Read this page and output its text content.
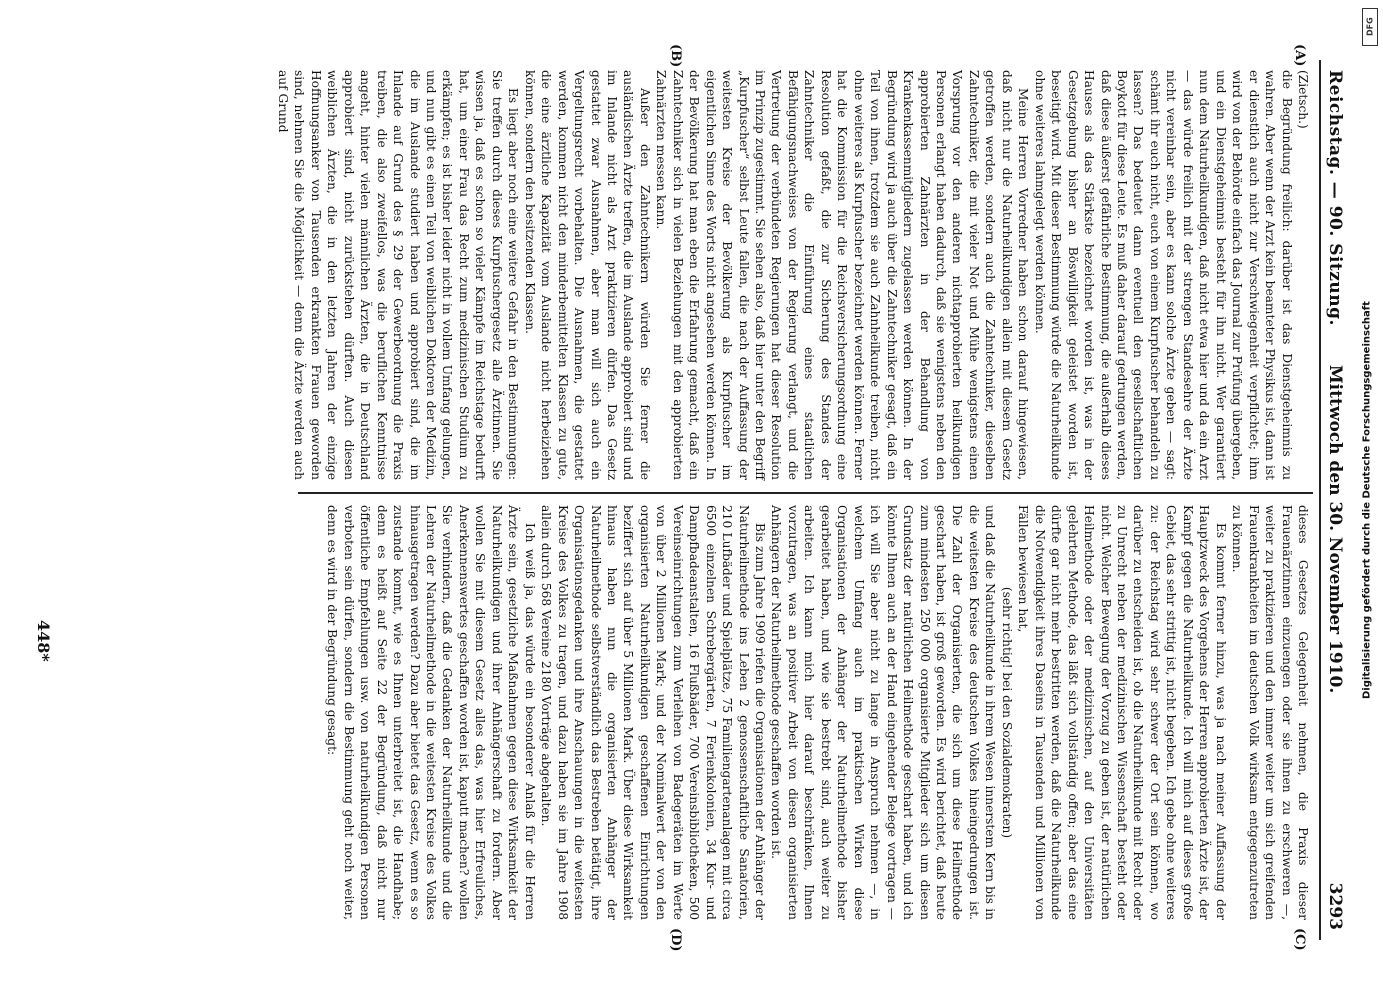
Reichstag. — 90. Sitzung.
Mittwoch den 30. November 1910.                                3293
(A)
(B)
(C)
(D)

(Zietsch.)

die Begründung freilich: darüber ist das Dienstgeheimnis zu wahren. Aber wenn der Arzt kein beamteter Physikus ist, dann ist er dienstlich auch nicht zur Verschwiegenheit verpflichtet; ihm wird von der Behörde einfach das Journal zur Prüfung übergeben, und ein Dienstgeheimnis besteht für ihn nicht. Wer garantiert nun dem Naturheilkundigen, daß nicht etwa hier und da ein Arzt — das würde freilich mit der strengen Standesehre der Ärzte nicht vereinbar sein, aber es kann solche Ärzte geben — sagt: schämt ihr euch nicht, euch von einem Kurpfuscher behandeln zu lassen? Das bedeutet dann eventuell den gesellschaftlichen Boykott für diese Leute. Es muß daher darauf gedrungen werden, daß diese äußerst gefährliche Bestimmung, die außerhalb dieses Hauses als das Stärkste bezeichnet worden ist, was in der Gesetzgebung bisher an Böswilligkeit geleistet worden ist, beseitigt wird. Mit dieser Bestimmung würde die Naturheilkunde ohne weiteres lahmgelegt werden können.

Meine Herren Vorredner haben schon darauf hingewiesen, daß nicht nur die Naturheilkundigen allein mit diesem Gesetz getroffen werden, sondern auch die Zahntechniker, dieselben Zahntechniker, die mit vieler Not und Mühe wenigstens einen Vorsprung vor den anderen nichtapprobierten heilkundigen Personen erlangt haben dadurch, daß sie wenigstens neben den approbierten Zahnärzten in der Behandlung von Krankenkassenmitgliedern zugelassen werden können. In der Begründung wird ja auch über die Zahntechniker gesagt, daß ein Teil von ihnen, trotzdem sie auch Zahnheilkunde treiben, nicht ohne weiteres als Kurpfuscher bezeichnet werden können. Ferner hat die Kommission für die Reichsversicherungsordnung eine Resolution gefaßt, die zur Sicherung des Standes der Zahntechniker die Einführung eines staatlichen Befähigungsnachweises von der Regierung verlangt, und die Vertretung der verbündeten Regierungen hat dieser Resolution im Prinzip zugestimmt. Sie sehen also, daß hier unter den Begriff „Kurpfuscher“ selbst Leute fallen, die nach der Auffassung der weitesten Kreise der Bevölkerung als Kurpfuscher im eigentlichen Sinne des Worts nicht angesehen werden können. In der Bevölkerung hat man eben die Erfahrung gemacht, daß ein Zahntechniker sich in vielen Beziehungen mit den approbierten Zahnärzten messen kann.

Außer den Zahntechnikern würden Sie ferner die ausländischen Ärzte treffen, die im Auslande approbiert sind und im Inlande nicht als Arzt praktizieren dürfen. Das Gesetz gestattet zwar Ausnahmen, aber man will sich auch ein Vergeltungsrecht vorbehalten. Die Ausnahmen, die gestattet werden, kommen nicht den minderbemittelten Klassen zu gute, die eine ärztliche Kapazität vom Auslande nicht herbeiziehen können, sondern den besitzenden Klassen.

Es liegt aber noch eine weitere Gefahr in den Bestimmungen: Sie treffen durch dieses Kurpfuschergesetz alle Ärztinnen. Sie wissen ja, daß es schon so vieler Kämpfe im Reichstage bedurft hat, um einer Frau das Recht zum medizinischen Studium zu erkämpfen; es ist bisher leider nicht in vollem Umfang gelungen, und nun gibt es einen Teil von weiblichen Doktoren der Medizin, die im Auslande studiert haben und approbiert sind, die im Inlande auf Grund des § 29 der Gewerbeordnung die Praxis treiben, die also zweifellos, was die beruflichen Kenntnisse angeht, hinter vielen männlichen Ärzten, die in Deutschland approbiert sind, nicht zurückstehen dürften. Auch diesen weiblichen Ärzten, die in den letzten Jahren der einzige Hoffnungsanker von Tausenden erkrankten Frauen geworden sind, nehmen Sie die Möglichkeit — denn die Ärzte werden auch auf Grund

dieses Gesetzes Gelegenheit nehmen, die Praxis dieser Frauenärztinnen einzuengen oder sie ihnen zu erschweren —, weiter zu praktizieren und den immer weiter um sich greifenden Frauenkrankheiten im deutschen Volk wirksam entgegenzutreten zu können.

Es kommt ferner hinzu, was ja nach meiner Auffassung der Hauptzweck des Vorgehens der Herren approbierten Ärzte ist, der Kampf gegen die Naturheilkunde. Ich will mich auf dieses große Gebiet, das sehr strittig ist, nicht begeben. Ich gebe ohne weiteres zu: der Reichstag wird sehr schwer der Ort sein können, wo darüber zu entscheiden ist, ob die Naturheilkunde mit Recht oder zu Unrecht neben der medizinischen Wissenschaft besteht oder nicht. Welcher Bewegung der Vorzug zu geben ist, der natürlichen Heilmethode oder der medizinischen, auf den Universitäten gelehrten Methode, das läßt sich vollständig offen; aber das eine dürfte gar nicht mehr bestritten werden, daß die Naturheilkunde die Notwendigkeit ihres Daseins in Tausenden und Millionen von Fällen bewiesen hat,

(sehr richtig! bei den Sozialdemokraten)

und daß die Naturheilkunde in ihrem Wesen innerstem Kern bis in die weitesten Kreise des deutschen Volkes hineingedrungen ist. Die Zahl der Organisierten, die sich um diese Heilmethode geschart haben, ist groß geworden. Es wird berichtet, daß heute zum mindesten 250 000 organisierte Mitglieder sich um diesen Grundsatz der natürlichen Heilmethode geschart haben, und ich könnte Ihnen auch an der Hand eingehender Belege vortragen — ich will Sie aber nicht zu lange in Anspruch nehmen —, in welchem Umfang auch im praktischen Wirken diese Organisationen der Anhänger der Naturheilmethode bisher gearbeitet haben, und wie sie bestrebt sind, auch weiter zu arbeiten. Ich kann mich hier darauf beschränken, Ihnen vorzutragen, was an positiver Arbeit von diesen organisierten Anhängern der Naturheilmethode geschaffen worden ist.

Bis zum Jahre 1909 riefen die Organisationen der Anhänger der Naturheilmethode ins Leben 2 genossenschaftliche Sanatorien, 210 Lufbäder und Spielplätze, 75 Familiengartenanlagen mit circa 6500 einzelnen Schrebergärten, 7 Ferienkolonien, 34 Kur- und Dampfbadeanstalten, 16 Flußbäder, 700 Vereinsbibliotheken, 500 Vereinseinrichtungen zum Verleihen von Badegeräten im Werte von über 2 Millionen Mark; und der Nominalwert der von den organisierten Naturheilkundigen geschaffenen Einrichtungen beziffert sich auf über 5 Millionen Mark. Über diese Wirksamkeit hinaus haben nun die organisierten Anhänger der Naturheilmethode selbstverständlich das Bestreben betätigt, ihre Organisationsgedanken und ihre Anschauungen in die weitesten Kreise des Volkes zu tragen, und dazu haben sie im Jahre 1908 allein durch 568 Vereine 2180 Vorträge abgehalten.

Ich weiß ja, das würde ein besonderer Anlaß für die Herren Ärzte sein, gesetzliche Maßnahmen gegen diese Wirksamkeit der Naturheilkundigen und ihrer Anhängerschaft zu fordern. Aber wollen Sie mit diesem Gesetz alles das, was hier Erfreuliches, Anerkennenswertes geschaffen worden ist, kaputt machen? wollen Sie verhindern, daß die Gedanken der Naturheilkunde und die Lehren der Naturheilmethode in die weitesten Kreise des Volkes hinausgetragen werden? Dazu aber bietet das Gesetz, wenn es so zustande kommt, wie es Ihnen unterbreitet ist, die Handhabe; denn es heißt auf Seite 22 der Begründung, daß nicht nur öffentliche Empfehlungen usw. von naturheilkundigen Personen verboten sein dürfen, sondern die Bestimmung geht noch weiter, denn es wird in der Begründung gesagt:

448*	Digitalisierung gefördert durch die Deutsche Forschungsgemeinschaft
DFG
